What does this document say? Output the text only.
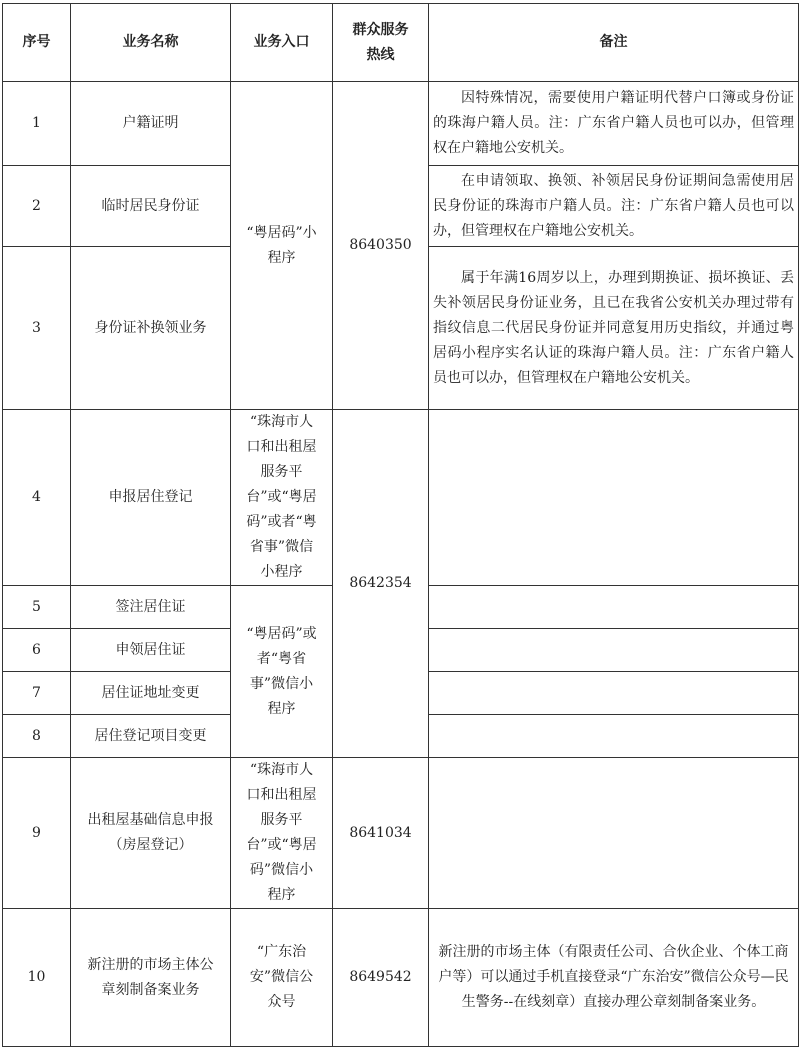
序号	业务名称	业务入口	群众服务热线	备注
1	户籍证明	“粤居码”小程序	8640350	因特殊情况，需要使用户籍证明代替户口簿或身份证的珠海户籍人员。注：广东省户籍人员也可以办，但管理权在户籍地公安机关。
2	临时居民身份证			在申请领取、换领、补领居民身份证期间急需使用居民身份证的珠海市户籍人员。注：广东省户籍人员也可以办，但管理权在户籍地公安机关。
3	身份证补换领业务			属于年满16周岁以上，办理到期换证、损坏换证、丢失补领居民身份证业务，且已在我省公安机关办理过带有指纹信息二代居民身份证并同意复用历史指纹，并通过粤居码小程序实名认证的珠海户籍人员。注：广东省户籍人员也可以办，但管理权在户籍地公安机关。
4	申报居住登记	“珠海市人口和出租屋服务平台”或“粤居码”或者“粤省事”微信小程序	8642354	
5	签注居住证	“粤居码”或者“粤省事”微信小程序		
6	申领居住证			
7	居住证地址变更			
8	居住登记项目变更			
9	出租屋基础信息申报（房屋登记）	“珠海市人口和出租屋服务平台”或“粤居码”微信小程序	8641034	
10	新注册的市场主体公章刻制备案业务	“广东治安”微信公众号	8649542	新注册的市场主体（有限责任公司、合伙企业、个体工商户等）可以通过手机直接登录“广东治安”微信公众号—民生警务--在线刻章）直接办理公章刻制备案业务。
